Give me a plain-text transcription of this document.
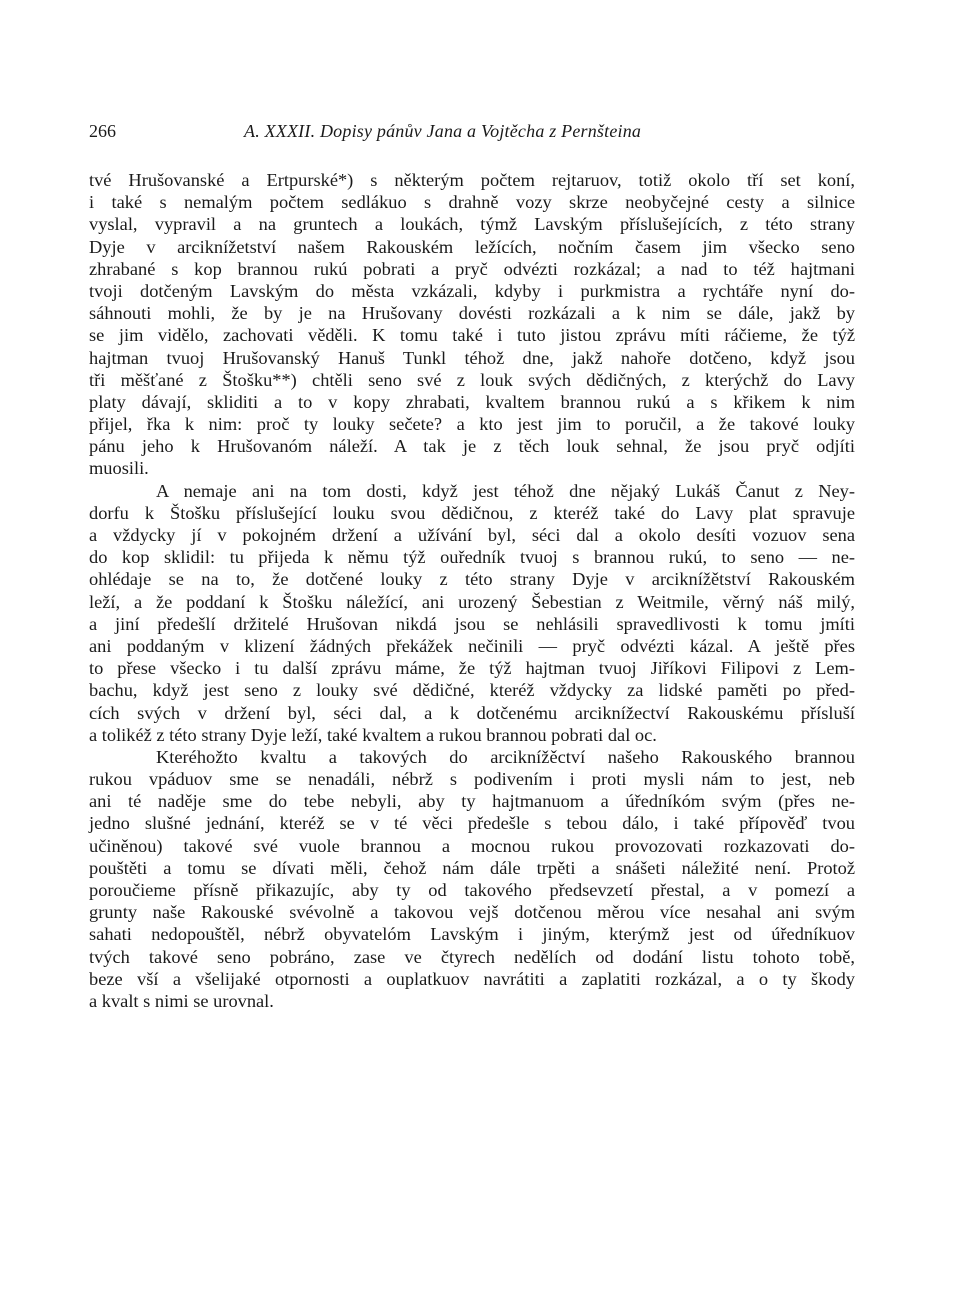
266	A. XXXII. Dopisy pánův Jana a Vojtěcha z Pernšteina
tvé Hrušovanské a Ertpurské*) s některým počtem rejtaruov, totiž okolo tří set koní,
i také s nemalým počtem sedlákuo s drahně vozy skrze neobyčejné cesty a silnice
vyslal, vypravil a na gruntech a loukách, týmž Lavským příslušejících, z této strany
Dyje v arciknížetství našem Rakouském ležících, nočním časem jim všecko seno
zhrabané s kop brannou rukú pobrati a pryč odvézti rozkázal; a nad to též hajtmani
tvoji dotčeným Lavským do města vzkázali, kdyby i purkmistra a rychtáře nyní do-
sáhnouti mohli, že by je na Hrušovany dovésti rozkázali a k nim se dále, jakž by
se jim vidělo, zachovati věděli. K tomu také i tuto jistou zprávu míti ráčieme, že týž
hajtman tvuoj Hrušovanský Hanuš Tunkl téhož dne, jakž nahoře dotčeno, když jsou
tři měšťané z Štošku**) chtěli seno své z louk svých dědičných, z kterýchž do Lavy
platy dávají, skliditi a to v kopy zhrabati, kvaltem brannou rukú a s křikem k nim
přijel, řka k nim: proč ty louky sečete? a kto jest jim to poručil, a že takové louky
pánu jeho k Hrušovanóm náleží. A tak je z těch louk sehnal, že jsou pryč odjíti
muosili.
A nemaje ani na tom dosti, když jest téhož dne nějaký Lukáš Čanut z Ney-
dorfu k Štošku příslušející louku svou dědičnou, z kteréž také do Lavy plat spravuje
a vždycky jí v pokojném držení a užívání byl, séci dal a okolo desíti vozuov sena
do kop sklidil: tu přijeda k němu týž ouředník tvuoj s brannou rukú, to seno — ne-
ohlédaje se na to, že dotčené louky z této strany Dyje v arciknížětství Rakouském
leží, a že poddaní k Štošku náležící, ani urozený Šebestian z Weitmile, věrný náš milý,
a jiní předešlí držitelé Hrušovan nikdá jsou se nehlásili spravedlivosti k tomu jmíti
ani poddaným v klizení žádných překážek nečinili — pryč odvézti kázal. A ještě přes
to přese všecko i tu další zprávu máme, že týž hajtman tvuoj Jiříkovi Filipovi z Lem-
bachu, když jest seno z louky své dědičné, kteréž vždycky za lidské paměti po před-
cích svých v držení byl, séci dal, a k dotčenému arciknížectví Rakouskému přísluší
a tolikéž z této strany Dyje leží, také kvaltem a rukou brannou pobrati dal oc.
Kteréhožto kvaltu a takových do arciknížěctví našeho Rakouského brannou
rukou vpáduov sme se nenadáli, nébrž s podivením i proti mysli nám to jest, neb
ani té naděje sme do tebe nebyli, aby ty hajtmanuom a úředníkóm svým (přes ne-
jedno slušné jednání, kteréž se v té věci předešle s tebou dálo, i také přípověď tvou
učiněnou) takové své vuole brannou a mocnou rukou provozovati rozkazovati do-
pouštěti a tomu se dívati měli, čehož nám dále trpěti a snášeti náležité není. Protož
poroučieme přísně přikazujíc, aby ty od takového předsevzetí přestal, a v pomezí a
grunty naše Rakouské svévolně a takovou vejš dotčenou měrou více nesahal ani svým
sahati nedopouštěl, nébrž obyvatelóm Lavským i jiným, kterýmž jest od úředníkuov
tvých takové seno pobráno, zase ve čtyrech nedělích od dodání listu tohoto tobě,
beze vší a všelijaké otpornosti a ouplatkuov navrátiti a zaplatiti rozkázal, a o ty škody
a kvalt s nimi se urovnal.
